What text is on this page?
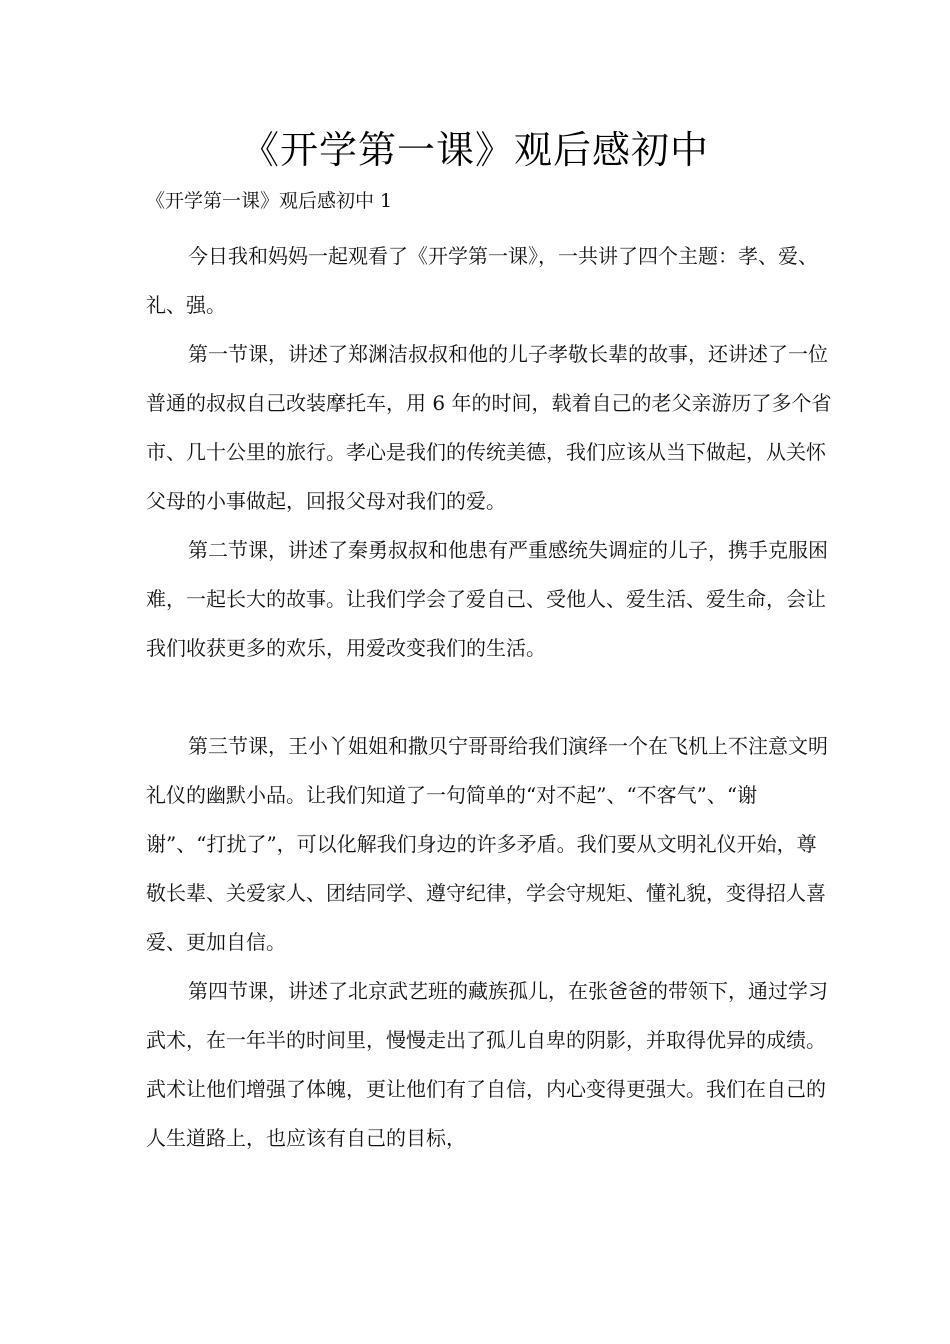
《开学第一课》观后感初中
《开学第一课》观后感初中 1

今日我和妈妈一起观看了《开学第一课》，一共讲了四个主题：孝、爱、礼、强。

第一节课，讲述了郑渊洁叔叔和他的儿子孝敬长辈的故事，还讲述了一位普通的叔叔自己改装摩托车，用 6 年的时间，载着自己的老父亲游历了多个省市、几十公里的旅行。孝心是我们的传统美德，我们应该从当下做起，从关怀父母的小事做起，回报父母对我们的爱。

第二节课，讲述了秦勇叔叔和他患有严重感统失调症的儿子，携手克服困难，一起长大的故事。让我们学会了爱自己、受他人、爱生活、爱生命，会让我们收获更多的欢乐，用爱改变我们的生活。

第三节课，王小丫姐姐和撒贝宁哥哥给我们演绎一个在飞机上不注意文明礼仪的幽默小品。让我们知道了一句简单的“对不起”、“不客气”、“谢谢”、“打扰了”，可以化解我们身边的许多矛盾。我们要从文明礼仪开始，尊敬长辈、关爱家人、团结同学、遵守纪律，学会守规矩、懂礼貌，变得招人喜爱、更加自信。

第四节课，讲述了北京武艺班的藏族孤儿，在张爸爸的带领下，通过学习武术，在一年半的时间里，慢慢走出了孤儿自卑的阴影，并取得优异的成绩。武术让他们增强了体魄，更让他们有了自信，内心变得更强大。我们在自己的人生道路上，也应该有自己的目标，
